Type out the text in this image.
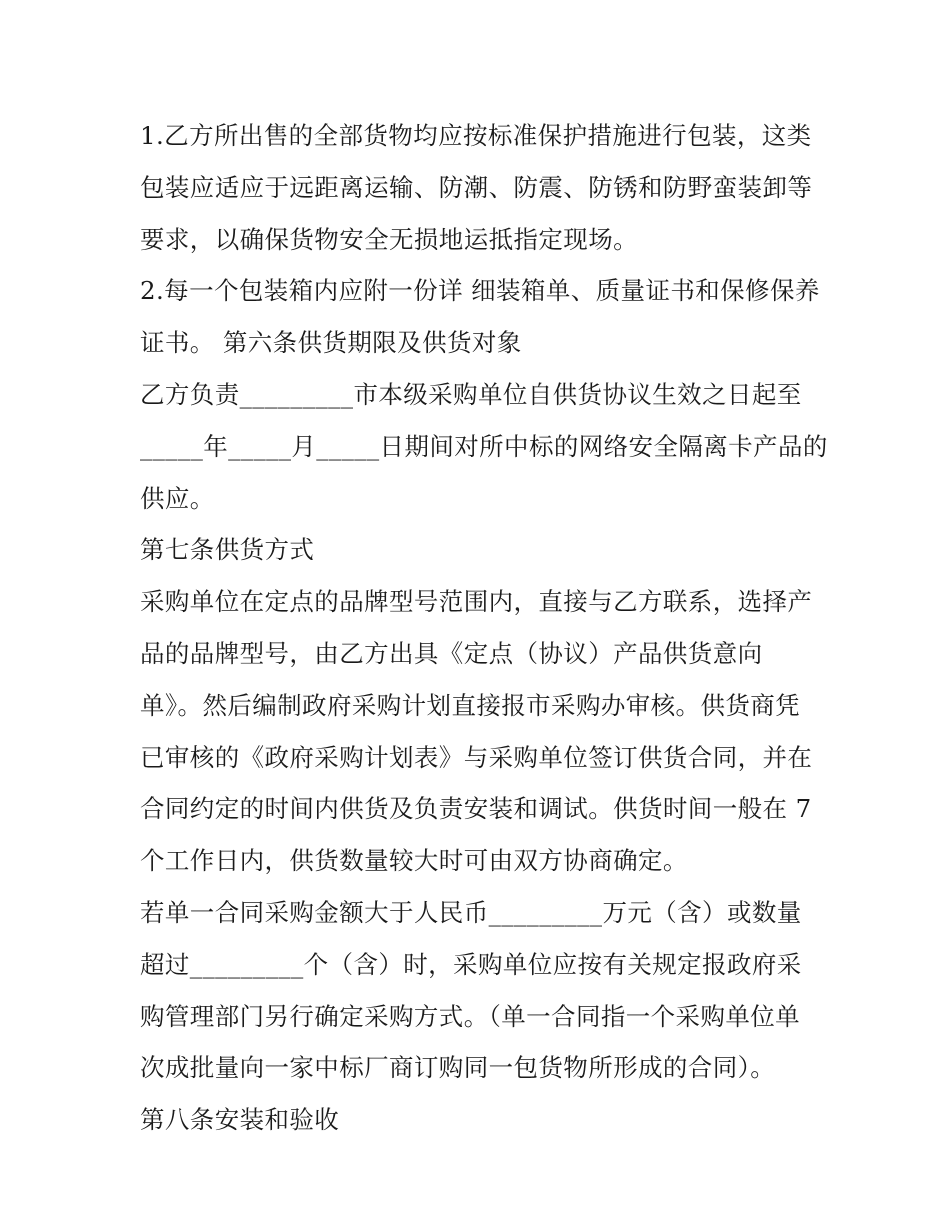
1.乙方所出售的全部货物均应按标准保护措施进行包装，这类
包装应适应于远距离运输、防潮、防震、防锈和防野蛮装卸等
要求，以确保货物安全无损地运抵指定现场。
2.每一个包装箱内应附一份详 细装箱单、质量证书和保修保养
证书。 第六条供货期限及供货对象
乙方负责_________市本级采购单位自供货协议生效之日起至
_____年_____月_____日期间对所中标的网络安全隔离卡产品的
供应。
第七条供货方式
采购单位在定点的品牌型号范围内，直接与乙方联系，选择产
品的品牌型号，由乙方出具《定点（协议）产品供货意向
单》。然后编制政府采购计划直接报市采购办审核。供货商凭
已审核的《政府采购计划表》与采购单位签订供货合同，并在
合同约定的时间内供货及负责安装和调试。供货时间一般在 7
个工作日内，供货数量较大时可由双方协商确定。
若单一合同采购金额大于人民币_________万元（含）或数量
超过_________个（含）时，采购单位应按有关规定报政府采
购管理部门另行确定采购方式。（单一合同指一个采购单位单
次成批量向一家中标厂商订购同一包货物所形成的合同）。
第八条安装和验收
